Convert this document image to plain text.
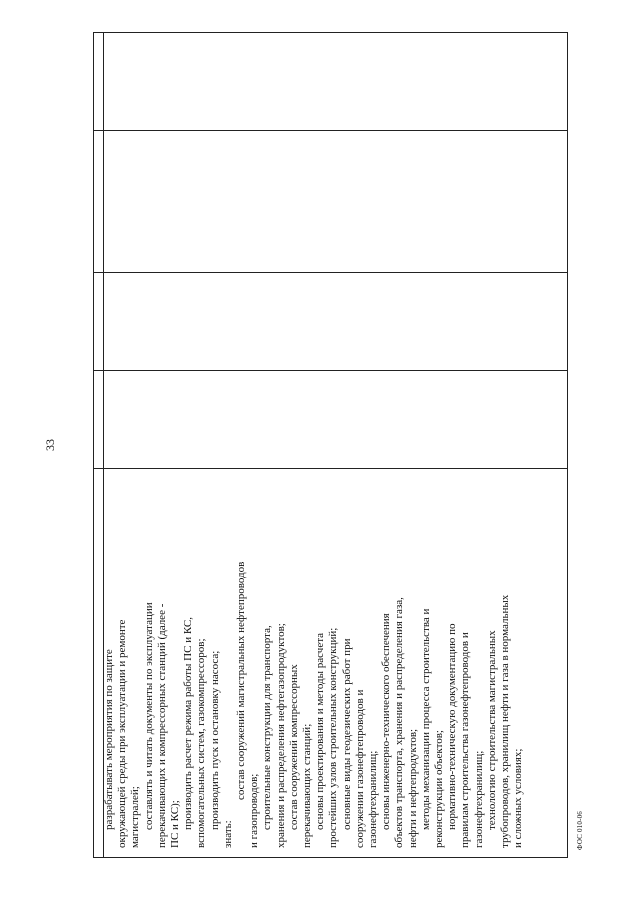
33
разрабатывать мероприятия по защите окружающей среды при эксплуатации и ремонте магистралей; составлять и читать документы по эксплуатации перекачивающих и компрессорных станций (далее - ПС и КС); производить расчет режима работы ПС и КС, вспомогательных систем, газокомпрессоров; производить пуск и остановку насоса;
знать:
состав сооружений магистральных нефтепроводов
и газопроводов; строительные конструкции для транспорта, хранения и распределения нефтегазопродуктов; состав сооружений компрессорных перекачивающих станций; основы проектирования и методы расчета простейших узлов строительных конструкций; основные виды геодезических работ при сооружении газонефтепроводов и газонефтехранилищ; основы инженерно-технического обеспечения объектов транспорта, хранения и распределения газа, нефти и нефтепродуктов; методы механизации процесса строительства и реконструкции объектов; нормативно-техническую документацию по правилам строительства газонефтепроводов и газонефтехранилищ; технологию строительства магистральных трубопроводов, хранилищ нефти и газа в нормальных и сложных условиях;	ФОС 010-06
